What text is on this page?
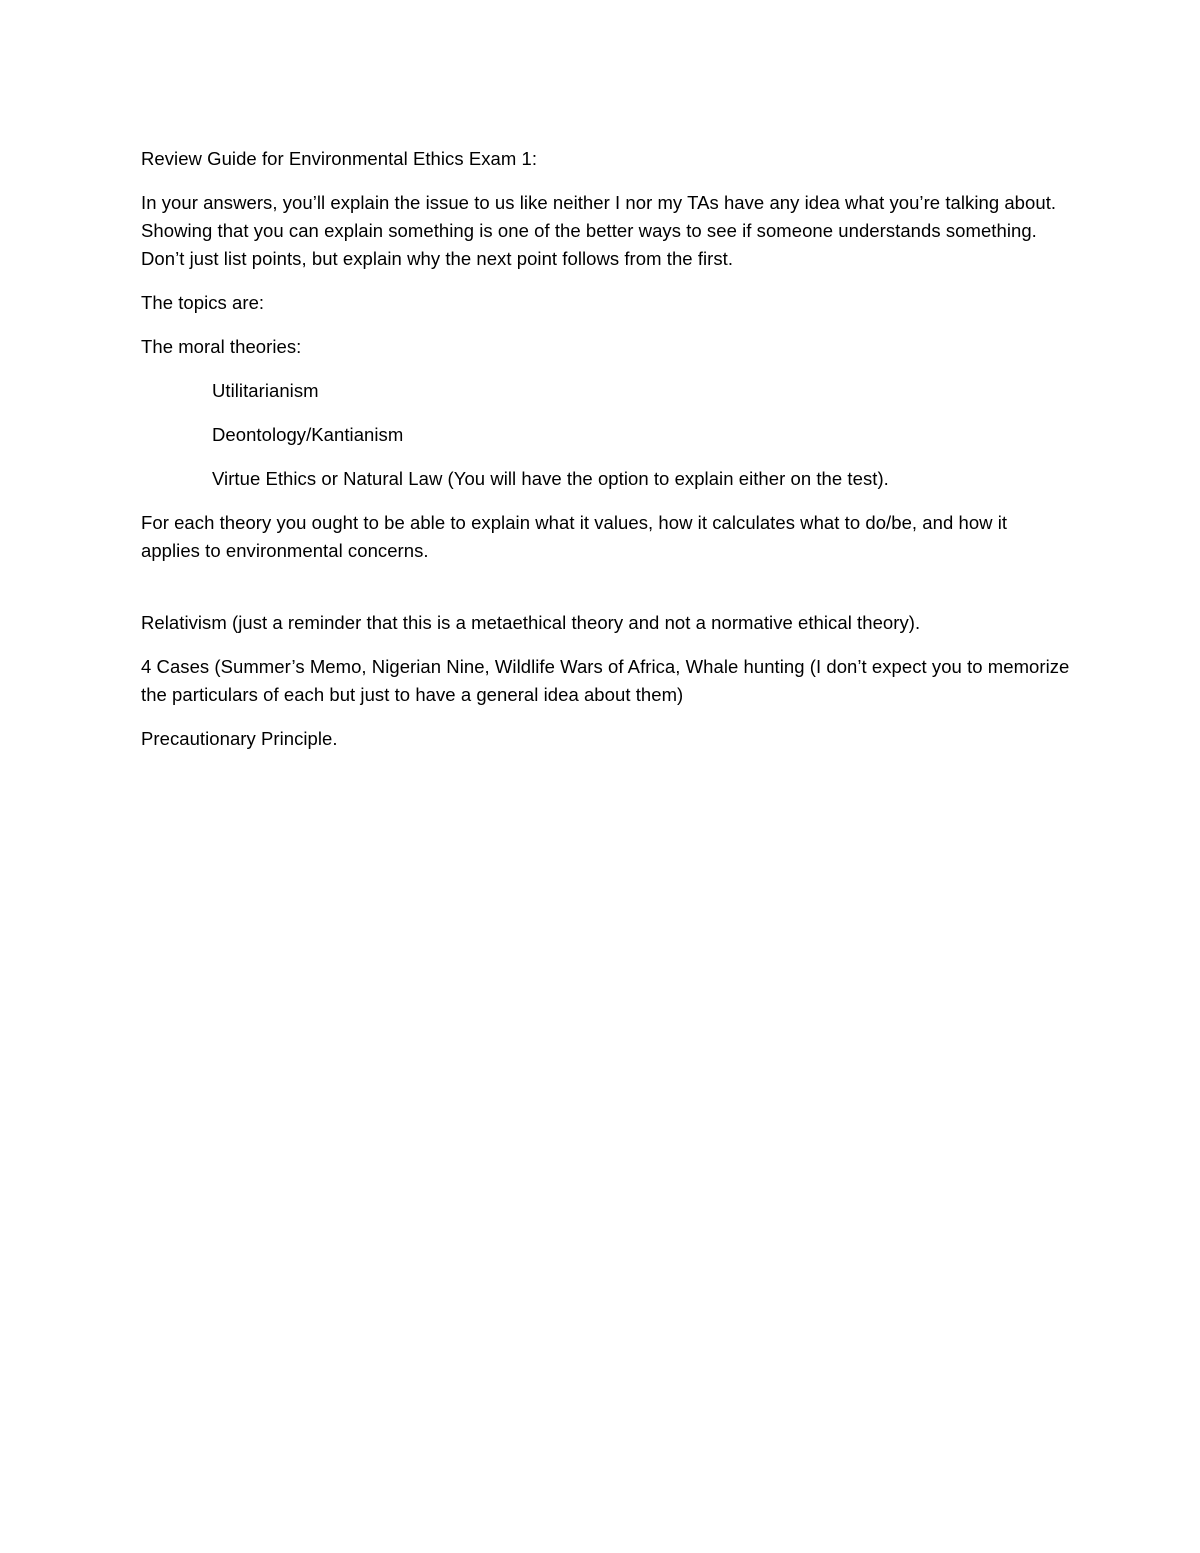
Review Guide for Environmental Ethics Exam 1:

In your answers, you’ll explain the issue to us like neither I nor my TAs have any idea what you’re talking about. Showing that you can explain something is one of the better ways to see if someone understands something. Don’t just list points, but explain why the next point follows from the first.

The topics are:

The moral theories:

Utilitarianism

Deontology/Kantianism

Virtue Ethics or Natural Law (You will have the option to explain either on the test).

For each theory you ought to be able to explain what it values, how it calculates what to do/be, and how it applies to environmental concerns.

Relativism (just a reminder that this is a metaethical theory and not a normative ethical theory).

4 Cases (Summer’s Memo, Nigerian Nine, Wildlife Wars of Africa, Whale hunting (I don’t expect you to memorize the particulars of each but just to have a general idea about them)

Precautionary Principle.
